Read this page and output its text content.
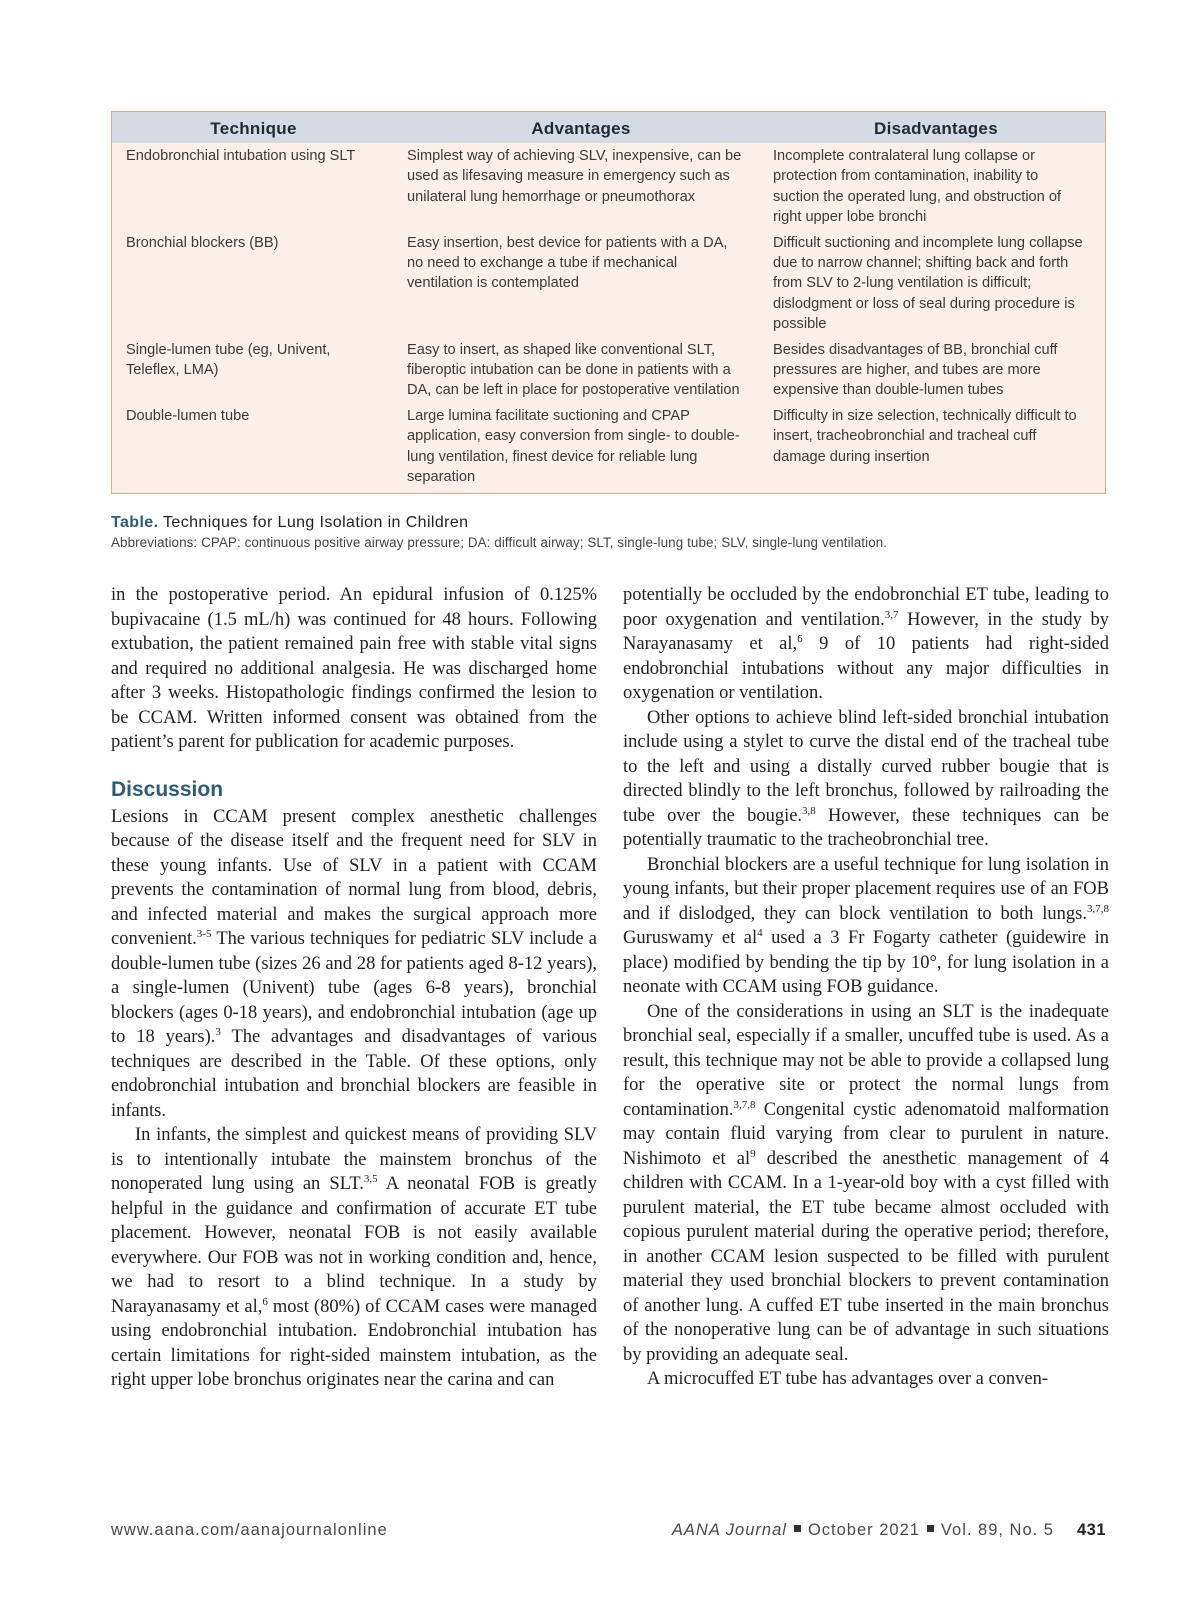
Technique	Advantages	Disadvantages
Endobronchial intubation using SLT	Simplest way of achieving SLV, inexpensive, can be used as lifesaving measure in emergency such as unilateral lung hemorrhage or pneumothorax	Incomplete contralateral lung collapse or protection from contamination, inability to suction the operated lung, and obstruction of right upper lobe bronchi
Bronchial blockers (BB)	Easy insertion, best device for patients with a DA, no need to exchange a tube if mechanical ventilation is contemplated	Difficult suctioning and incomplete lung collapse due to narrow channel; shifting back and forth from SLV to 2-lung ventilation is difficult; dislodgment or loss of seal during procedure is possible
Single-lumen tube (eg, Univent, Teleflex, LMA)	Easy to insert, as shaped like conventional SLT, fiberoptic intubation can be done in patients with a DA, can be left in place for postoperative ventilation	Besides disadvantages of BB, bronchial cuff pressures are higher, and tubes are more expensive than double-lumen tubes
Double-lumen tube	Large lumina facilitate suctioning and CPAP application, easy conversion from single- to double-lung ventilation, finest device for reliable lung separation	Difficulty in size selection, technically difficult to insert, tracheobronchial and tracheal cuff damage during insertion
Table. Techniques for Lung Isolation in Children
Abbreviations: CPAP: continuous positive airway pressure; DA: difficult airway; SLT, single-lung tube; SLV, single-lung ventilation.

in the postoperative period. An epidural infusion of 0.125% bupivacaine (1.5 mL/h) was continued for 48 hours. Following extubation, the patient remained pain free with stable vital signs and required no additional analgesia. He was discharged home after 3 weeks. Histopathologic findings confirmed the lesion to be CCAM. Written informed consent was obtained from the patient’s parent for publication for academic purposes.

Discussion

Lesions in CCAM present complex anesthetic challenges because of the disease itself and the frequent need for SLV in these young infants. Use of SLV in a patient with CCAM prevents the contamination of normal lung from blood, debris, and infected material and makes the surgical approach more convenient.$^{3-5}$ The various techniques for pediatric SLV include a double-lumen tube (sizes 26 and 28 for patients aged 8-12 years), a single-lumen (Univent) tube (ages 6-8 years), bronchial blockers (ages 0-18 years), and endobronchial intubation (age up to 18 years).$^3$ The advantages and disadvantages of various techniques are described in the Table. Of these options, only endobronchial intubation and bronchial blockers are feasible in infants.

In infants, the simplest and quickest means of providing SLV is to intentionally intubate the mainstem bronchus of the nonoperated lung using an SLT.$^{3,5}$ A neonatal FOB is greatly helpful in the guidance and confirmation of accurate ET tube placement. However, neonatal FOB is not easily available everywhere. Our FOB was not in working condition and, hence, we had to resort to a blind technique. In a study by Narayanasamy et al,$^6$ most (80%) of CCAM cases were managed using endobronchial intubation. Endobronchial intubation has certain limitations for right-sided mainstem intubation, as the right upper lobe bronchus originates near the carina and can

potentially be occluded by the endobronchial ET tube, leading to poor oxygenation and ventilation.$^{3,7}$ However, in the study by Narayanasamy et al,$^6$ 9 of 10 patients had right-sided endobronchial intubations without any major difficulties in oxygenation or ventilation.

Other options to achieve blind left-sided bronchial intubation include using a stylet to curve the distal end of the tracheal tube to the left and using a distally curved rubber bougie that is directed blindly to the left bronchus, followed by railroading the tube over the bougie.$^{3,8}$ However, these techniques can be potentially traumatic to the tracheobronchial tree.

Bronchial blockers are a useful technique for lung isolation in young infants, but their proper placement requires use of an FOB and if dislodged, they can block ventilation to both lungs.$^{3,7,8}$ Guruswamy et $al^4$ used a 3 Fr Fogarty catheter (guidewire in place) modified by bending the tip by 10°, for lung isolation in a neonate with CCAM using FOB guidance.

One of the considerations in using an SLT is the inadequate bronchial seal, especially if a smaller, uncuffed tube is used. As a result, this technique may not be able to provide a collapsed lung for the operative site or protect the normal lungs from contamination.$^{3,7,8}$ Congenital cystic adenomatoid malformation may contain fluid varying from clear to purulent in nature. Nishimoto et $al^9$ described the anesthetic management of 4 children with CCAM. In a 1-year-old boy with a cyst filled with purulent material, the ET tube became almost occluded with copious purulent material during the operative period; therefore, in another CCAM lesion suspected to be filled with purulent material they used bronchial blockers to prevent contamination of another lung. A cuffed ET tube inserted in the main bronchus of the nonoperative lung can be of advantage in such situations by providing an adequate seal.

A microcuffed ET tube has advantages over a conven-

www.aana.com/aanajournalonline	AANA Journal October 2021 Vol. 89, No. 5 431
